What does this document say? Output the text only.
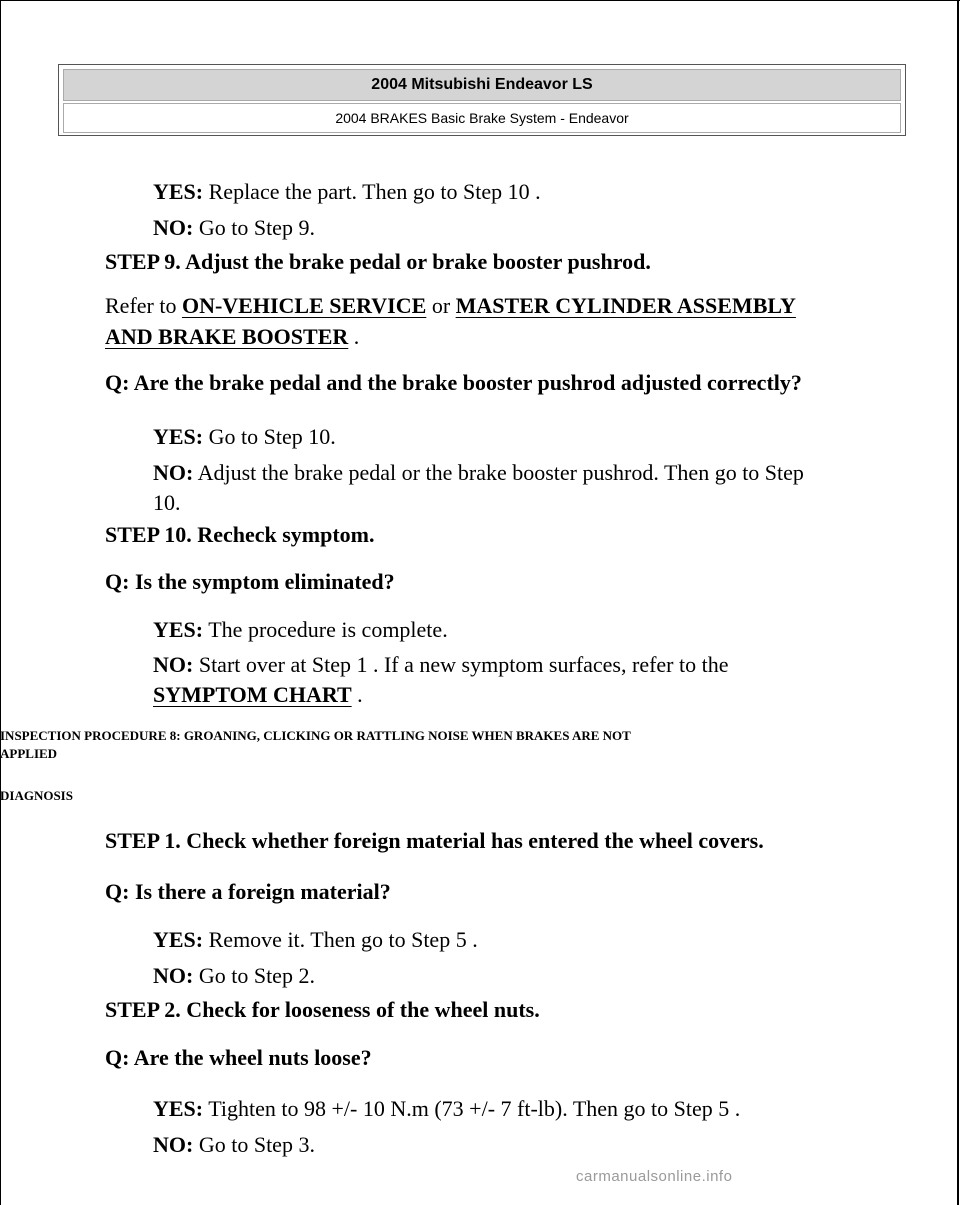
2004 Mitsubishi Endeavor LS
2004 BRAKES Basic Brake System - Endeavor
YES: Replace the part. Then go to Step 10 .
NO: Go to Step 9.
STEP 9. Adjust the brake pedal or brake booster pushrod.
Refer to ON-VEHICLE SERVICE or MASTER CYLINDER ASSEMBLY
AND BRAKE BOOSTER .
Q: Are the brake pedal and the brake booster pushrod adjusted correctly?
YES: Go to Step 10.
NO: Adjust the brake pedal or the brake booster pushrod. Then go to Step
10.
STEP 10. Recheck symptom.
Q: Is the symptom eliminated?
YES: The procedure is complete.
NO: Start over at Step 1 . If a new symptom surfaces, refer to the
SYMPTOM CHART .
INSPECTION PROCEDURE 8: GROANING, CLICKING OR RATTLING NOISE WHEN BRAKES ARE NOT
APPLIED
DIAGNOSIS
STEP 1. Check whether foreign material has entered the wheel covers.
Q: Is there a foreign material?
YES: Remove it. Then go to Step 5 .
NO: Go to Step 2.
STEP 2. Check for looseness of the wheel nuts.
Q: Are the wheel nuts loose?
YES: Tighten to 98 +/- 10 N.m (73 +/- 7 ft-lb). Then go to Step 5 .
NO: Go to Step 3.
carmanualsonline.info
